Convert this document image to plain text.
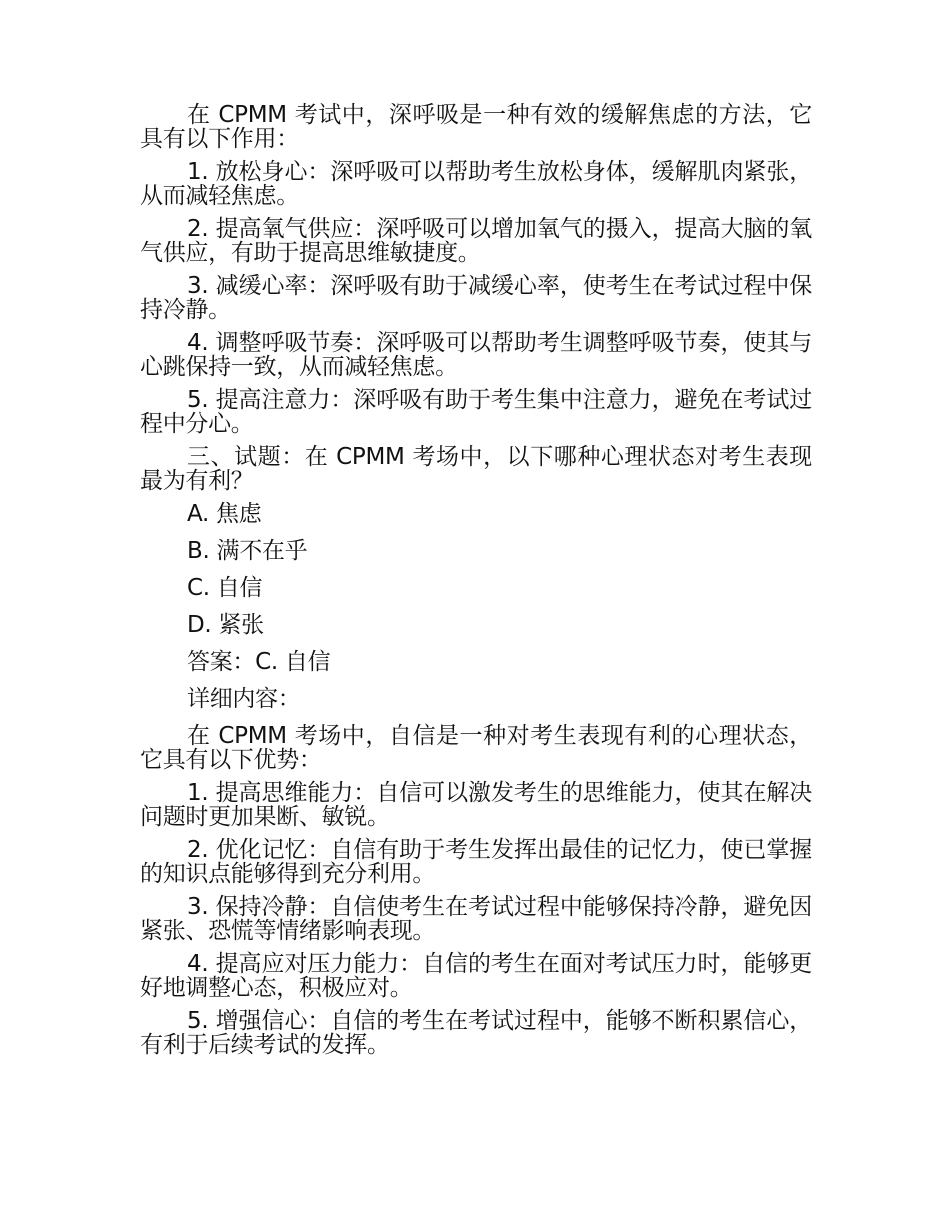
在 CPMM 考试中，深呼吸是一种有效的缓解焦虑的方法，它具有以下作用：

1. 放松身心：深呼吸可以帮助考生放松身体，缓解肌肉紧张，从而减轻焦虑。

2. 提高氧气供应：深呼吸可以增加氧气的摄入，提高大脑的氧气供应，有助于提高思维敏捷度。

3. 减缓心率：深呼吸有助于减缓心率，使考生在考试过程中保持冷静。

4. 调整呼吸节奏：深呼吸可以帮助考生调整呼吸节奏，使其与心跳保持一致，从而减轻焦虑。

5. 提高注意力：深呼吸有助于考生集中注意力，避免在考试过程中分心。

三、试题：在 CPMM 考场中，以下哪种心理状态对考生表现最为有利？

A. 焦虑

B. 满不在乎

C. 自信

D. 紧张

答案：C. 自信

详细内容：

在 CPMM 考场中，自信是一种对考生表现有利的心理状态，它具有以下优势：

1. 提高思维能力：自信可以激发考生的思维能力，使其在解决问题时更加果断、敏锐。

2. 优化记忆：自信有助于考生发挥出最佳的记忆力，使已掌握的知识点能够得到充分利用。

3. 保持冷静：自信使考生在考试过程中能够保持冷静，避免因紧张、恐慌等情绪影响表现。

4. 提高应对压力能力：自信的考生在面对考试压力时，能够更好地调整心态，积极应对。

5. 增强信心：自信的考生在考试过程中，能够不断积累信心，有利于后续考试的发挥。
